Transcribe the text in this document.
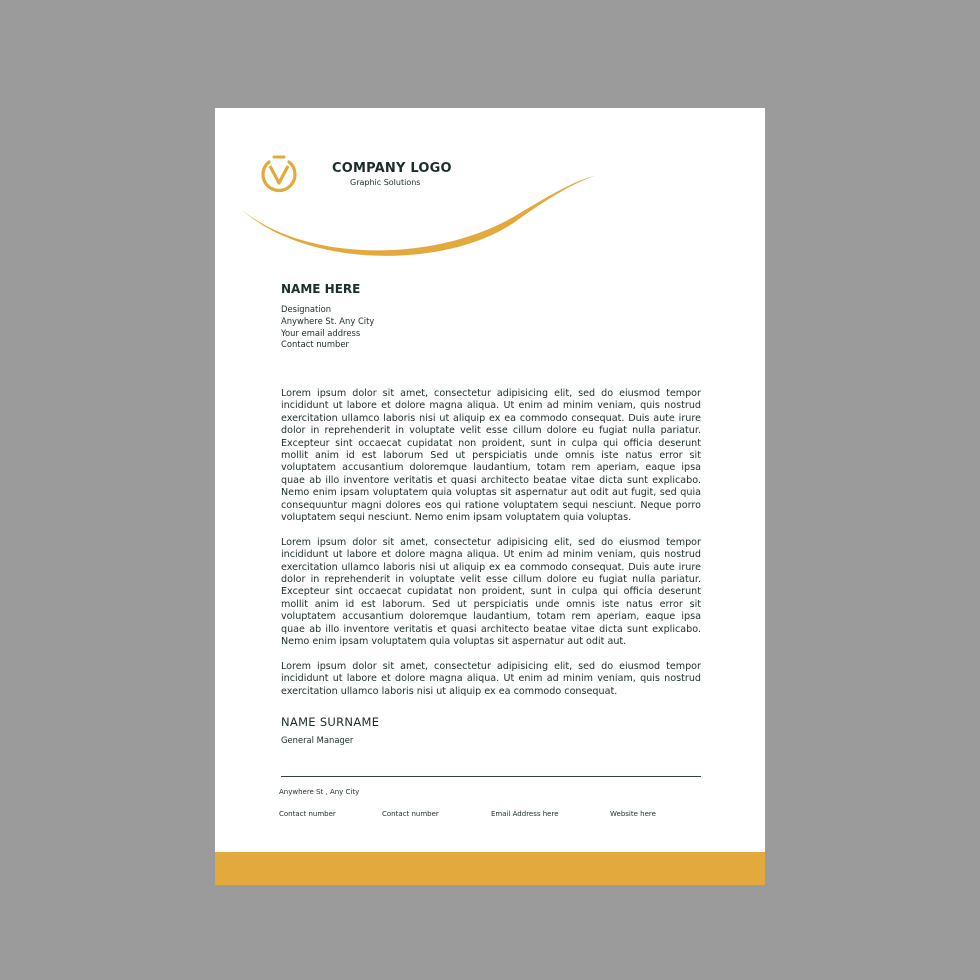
COMPANY LOGO
Graphic Solutions
NAME HERE
Designation
Anywhere St. Any City
Your email address
Contact number

Lorem ipsum dolor sit amet, consectetur adipisicing elit, sed do eiusmod tempor incididunt ut labore et dolore magna aliqua. Ut enim ad minim veniam, quis nostrud exercitation ullamco laboris nisi ut aliquip ex ea commodo consequat. Duis aute irure dolor in reprehenderit in voluptate velit esse cillum dolore eu fugiat nulla pariatur. Excepteur sint occaecat cupidatat non proident, sunt in culpa qui officia deserunt mollit anim id est laborum Sed ut perspiciatis unde omnis iste natus error sit voluptatem accusantium doloremque laudantium, totam rem aperiam, eaque ipsa quae ab illo inventore veritatis et quasi architecto beatae vitae dicta sunt explicabo. Nemo enim ipsam voluptatem quia voluptas sit aspernatur aut odit aut fugit, sed quia consequuntur magni dolores eos qui ratione voluptatem sequi nesciunt. Neque porro voluptatem sequi nesciunt. Nemo enim ipsam voluptatem quia voluptas.

Lorem ipsum dolor sit amet, consectetur adipisicing elit, sed do eiusmod tempor incididunt ut labore et dolore magna aliqua. Ut enim ad minim veniam, quis nostrud exercitation ullamco laboris nisi ut aliquip ex ea commodo consequat. Duis aute irure dolor in reprehenderit in voluptate velit esse cillum dolore eu fugiat nulla pariatur. Excepteur sint occaecat cupidatat non proident, sunt in culpa qui officia deserunt mollit anim id est laborum. Sed ut perspiciatis unde omnis iste natus error sit voluptatem accusantium doloremque laudantium, totam rem aperiam, eaque ipsa quae ab illo inventore veritatis et quasi architecto beatae vitae dicta sunt explicabo. Nemo enim ipsam voluptatem quia voluptas sit aspernatur aut odit aut.

Lorem ipsum dolor sit amet, consectetur adipisicing elit, sed do eiusmod tempor incididunt ut labore et dolore magna aliqua. Ut enim ad minim veniam, quis nostrud exercitation ullamco laboris nisi ut aliquip ex ea commodo consequat.

NAME SURNAME
General Manager
Anywhere St , Any City
Contact number	Contact number	Email Address here	Website here
